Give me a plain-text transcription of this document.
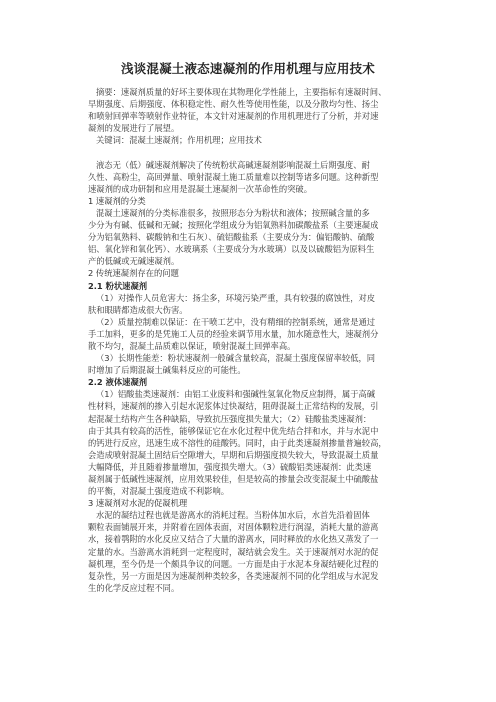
浅谈混凝土液态速凝剂的作用机理与应用技术
摘要：速凝剂质量的好坏主要体现在其物理化学性能上，主要指标有速凝时间、
早期强度、后期强度、体积稳定性、耐久性等使用性能，以及分散均匀性、扬尘
和喷射回弹率等喷射作业特征，本文针对速凝剂的作用机理进行了分析，并对速
凝剂的发展进行了展望。
关键词：混凝土速凝剂；作用机理；应用技术
液态无（低）碱速凝剂解决了传统粉状高碱速凝剂影响混凝土后期强度、耐
久性、高粉尘，高回弹量、喷射混凝土施工质量难以控制等诸多问题。这种新型
速凝剂的成功研制和应用是混凝土速凝剂一次革命性的突破。
1 速凝剂的分类
混凝土速凝剂的分类标准很多，按照形态分为粉状和液体；按照碱含量的多
少分为有碱、低碱和无碱；按照化学组成分为铝氧熟料加碳酸盐系（主要速凝成
分为铝氧熟料、碳酸钠和生石灰）、硫铝酸盐系（主要成分为：偏铝酸钠、硫酸
铝、氧化锌和氧化钙）、水玻璃系（主要成分为水玻璃）以及以硫酸铝为原料生
产的低碱或无碱速凝剂。
2 传统速凝剂存在的问题
2.1 粉状速凝剂
（1）对操作人员危害大：扬尘多，环境污染严重，具有较强的腐蚀性，对皮
肤和眼睛都造成很大伤害。
（2）质量控制难以保证：在干喷工艺中，没有精细的控制系统，通常是通过
手工加料，更多的是凭施工人员的经验来调节用水量，加水随意性大，速凝剂分
散不均匀，混凝土品质难以保证，喷射混凝土回弹率高。
（3）长期性能差：粉状速凝剂一般碱含量较高，混凝土强度保留率较低，同
时增加了后期混凝土碱集料反应的可能性。
2.2 液体速凝剂
（1）铝酸盐类速凝剂：由铝工业废料和强碱性氢氧化物反应制得，属于高碱
性材料，速凝剂的掺入引起水泥浆体过快凝结，阻碍混凝土正常结构的发展，引
起混凝土结构产生各种缺陷，导致抗压强度损失量大；（2）硅酸盐类速凝剂：
由于其具有较高的活性，能够保证它在水化过程中优先结合拌和水，并与水泥中
的钙进行反应，迅速生成不溶性的硅酸钙。同时，由于此类速凝剂掺量普遍较高，
会造成喷射混凝土固结后空隙增大，早期和后期强度损失较大，导致混凝土质量
大幅降低，并且随着掺量增加，强度损失增大。（3）硫酸铝类速凝剂：此类速
凝剂属于低碱性速凝剂，应用效果较佳，但是较高的掺量会改变混凝土中硫酸盐
的平衡，对混凝土强度造成不利影响。
3 速凝剂对水泥的促凝机理
水泥的凝结过程也就是游离水的消耗过程。当粉体加水后，水首先沿着固体
颗粒表面铺展开来，并附着在固体表面，对固体颗粒进行润湿，消耗大量的游离
水，接着鹗附的水化反应又结合了大量的游离水，同时释放的水化热又蒸发了一
定量的水。当游离水消耗到一定程度时，凝结就会发生。关于速凝剂对水泥的促
凝机理，至今仍是一个颇具争议的问题。一方面是由于水泥本身凝结硬化过程的
复杂性，另一方面是因为速凝剂种类较多，各类速凝剂不同的化学组成与水泥发
生的化学反应过程不同。
